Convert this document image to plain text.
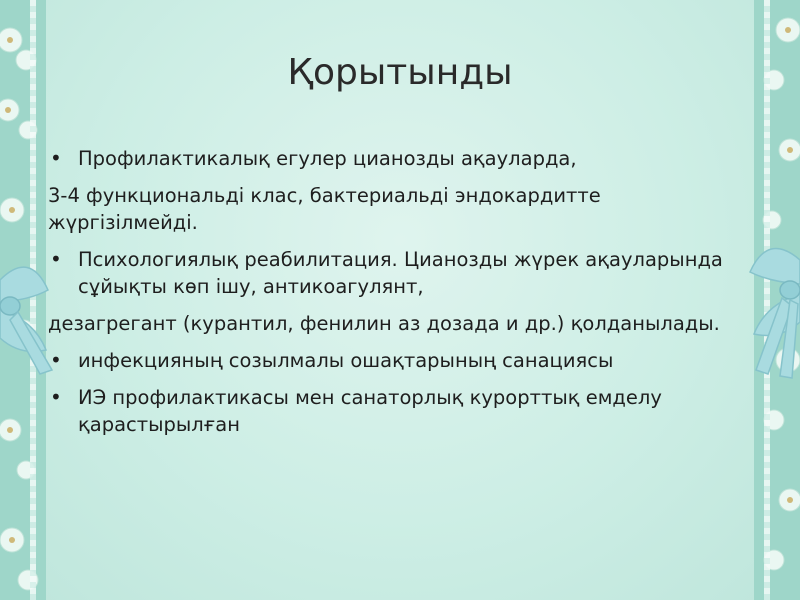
Қорытынды
• Профилактикалық егулер цианозды ақауларда,
3-4 функциональді клас, бактериальді эндокардитте жүргізілмейді.
• Психологиялық реабилитация. Цианозды жүрек ақауларында сұйықты көп ішу, антикоагулянт,
дезагрегант (курантил, фенилин аз дозада и др.) қолданылады.
• инфекцияның созылмалы ошақтарының санациясы
• ИЭ профилактикасы мен санаторлық курорттық емделу қарастырылған
